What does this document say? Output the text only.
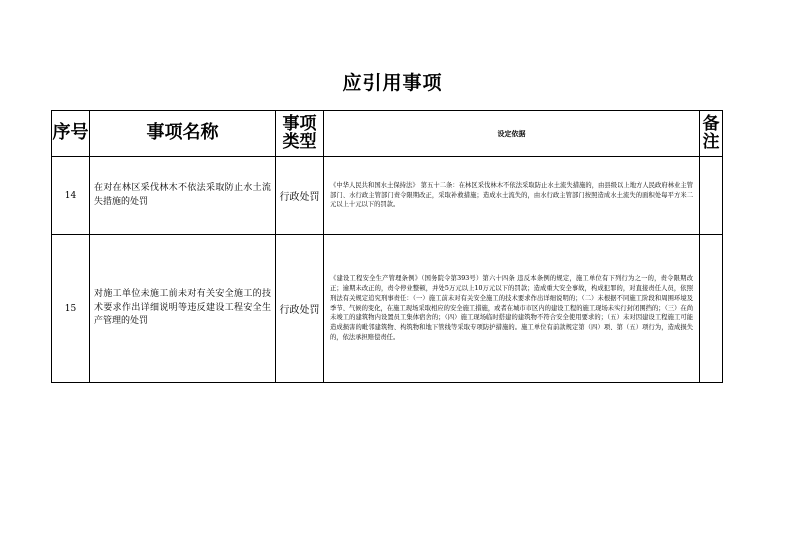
应引用事项
序号	事项名称	事项类型	设定依据	备注
14	在对在林区采伐林木不依法采取防止水土流失措施的处罚	行政处罚	《中华人民共和国水土保持法》 第五十二条：在林区采伐林木不依法采取防止水土流失措施的，由县级以上地方人民政府林业主管部门、水行政主管部门责令限期改正，采取补救措施；造成水土流失的，由水行政主管部门按照造成水土流失的面积处每平方米二元以上十元以下的罚款。	
15	对施工单位未施工前未对有关安全施工的技术要求作出详细说明等违反建设工程安全生产管理的处罚	行政处罚	《建设工程安全生产管理条例》（国务院令第393号）第六十四条 违反本条例的规定，施工单位有下列行为之一的，责令限期改正；逾期未改正的，责令停业整顿，并处5万元以上10万元以下的罚款；造成重大安全事故，构成犯罪的，对直接责任人员，依照刑法有关规定追究刑事责任：（一）施工前未对有关安全施工的技术要求作出详细说明的；（二）未根据不同施工阶段和周围环境及季节、气候的变化，在施工现场采取相应的安全施工措施，或者在城市市区内的建设工程的施工现场未实行封闭围挡的；（三）在尚未竣工的建筑物内设置员工集体宿舍的；（四）施工现场临时搭建的建筑物不符合安全使用要求的；（五）未对因建设工程施工可能造成损害的毗邻建筑物、构筑物和地下管线等采取专项防护措施的。施工单位有前款规定第（四）项、第（五）项行为，造成损失的，依法承担赔偿责任。	
